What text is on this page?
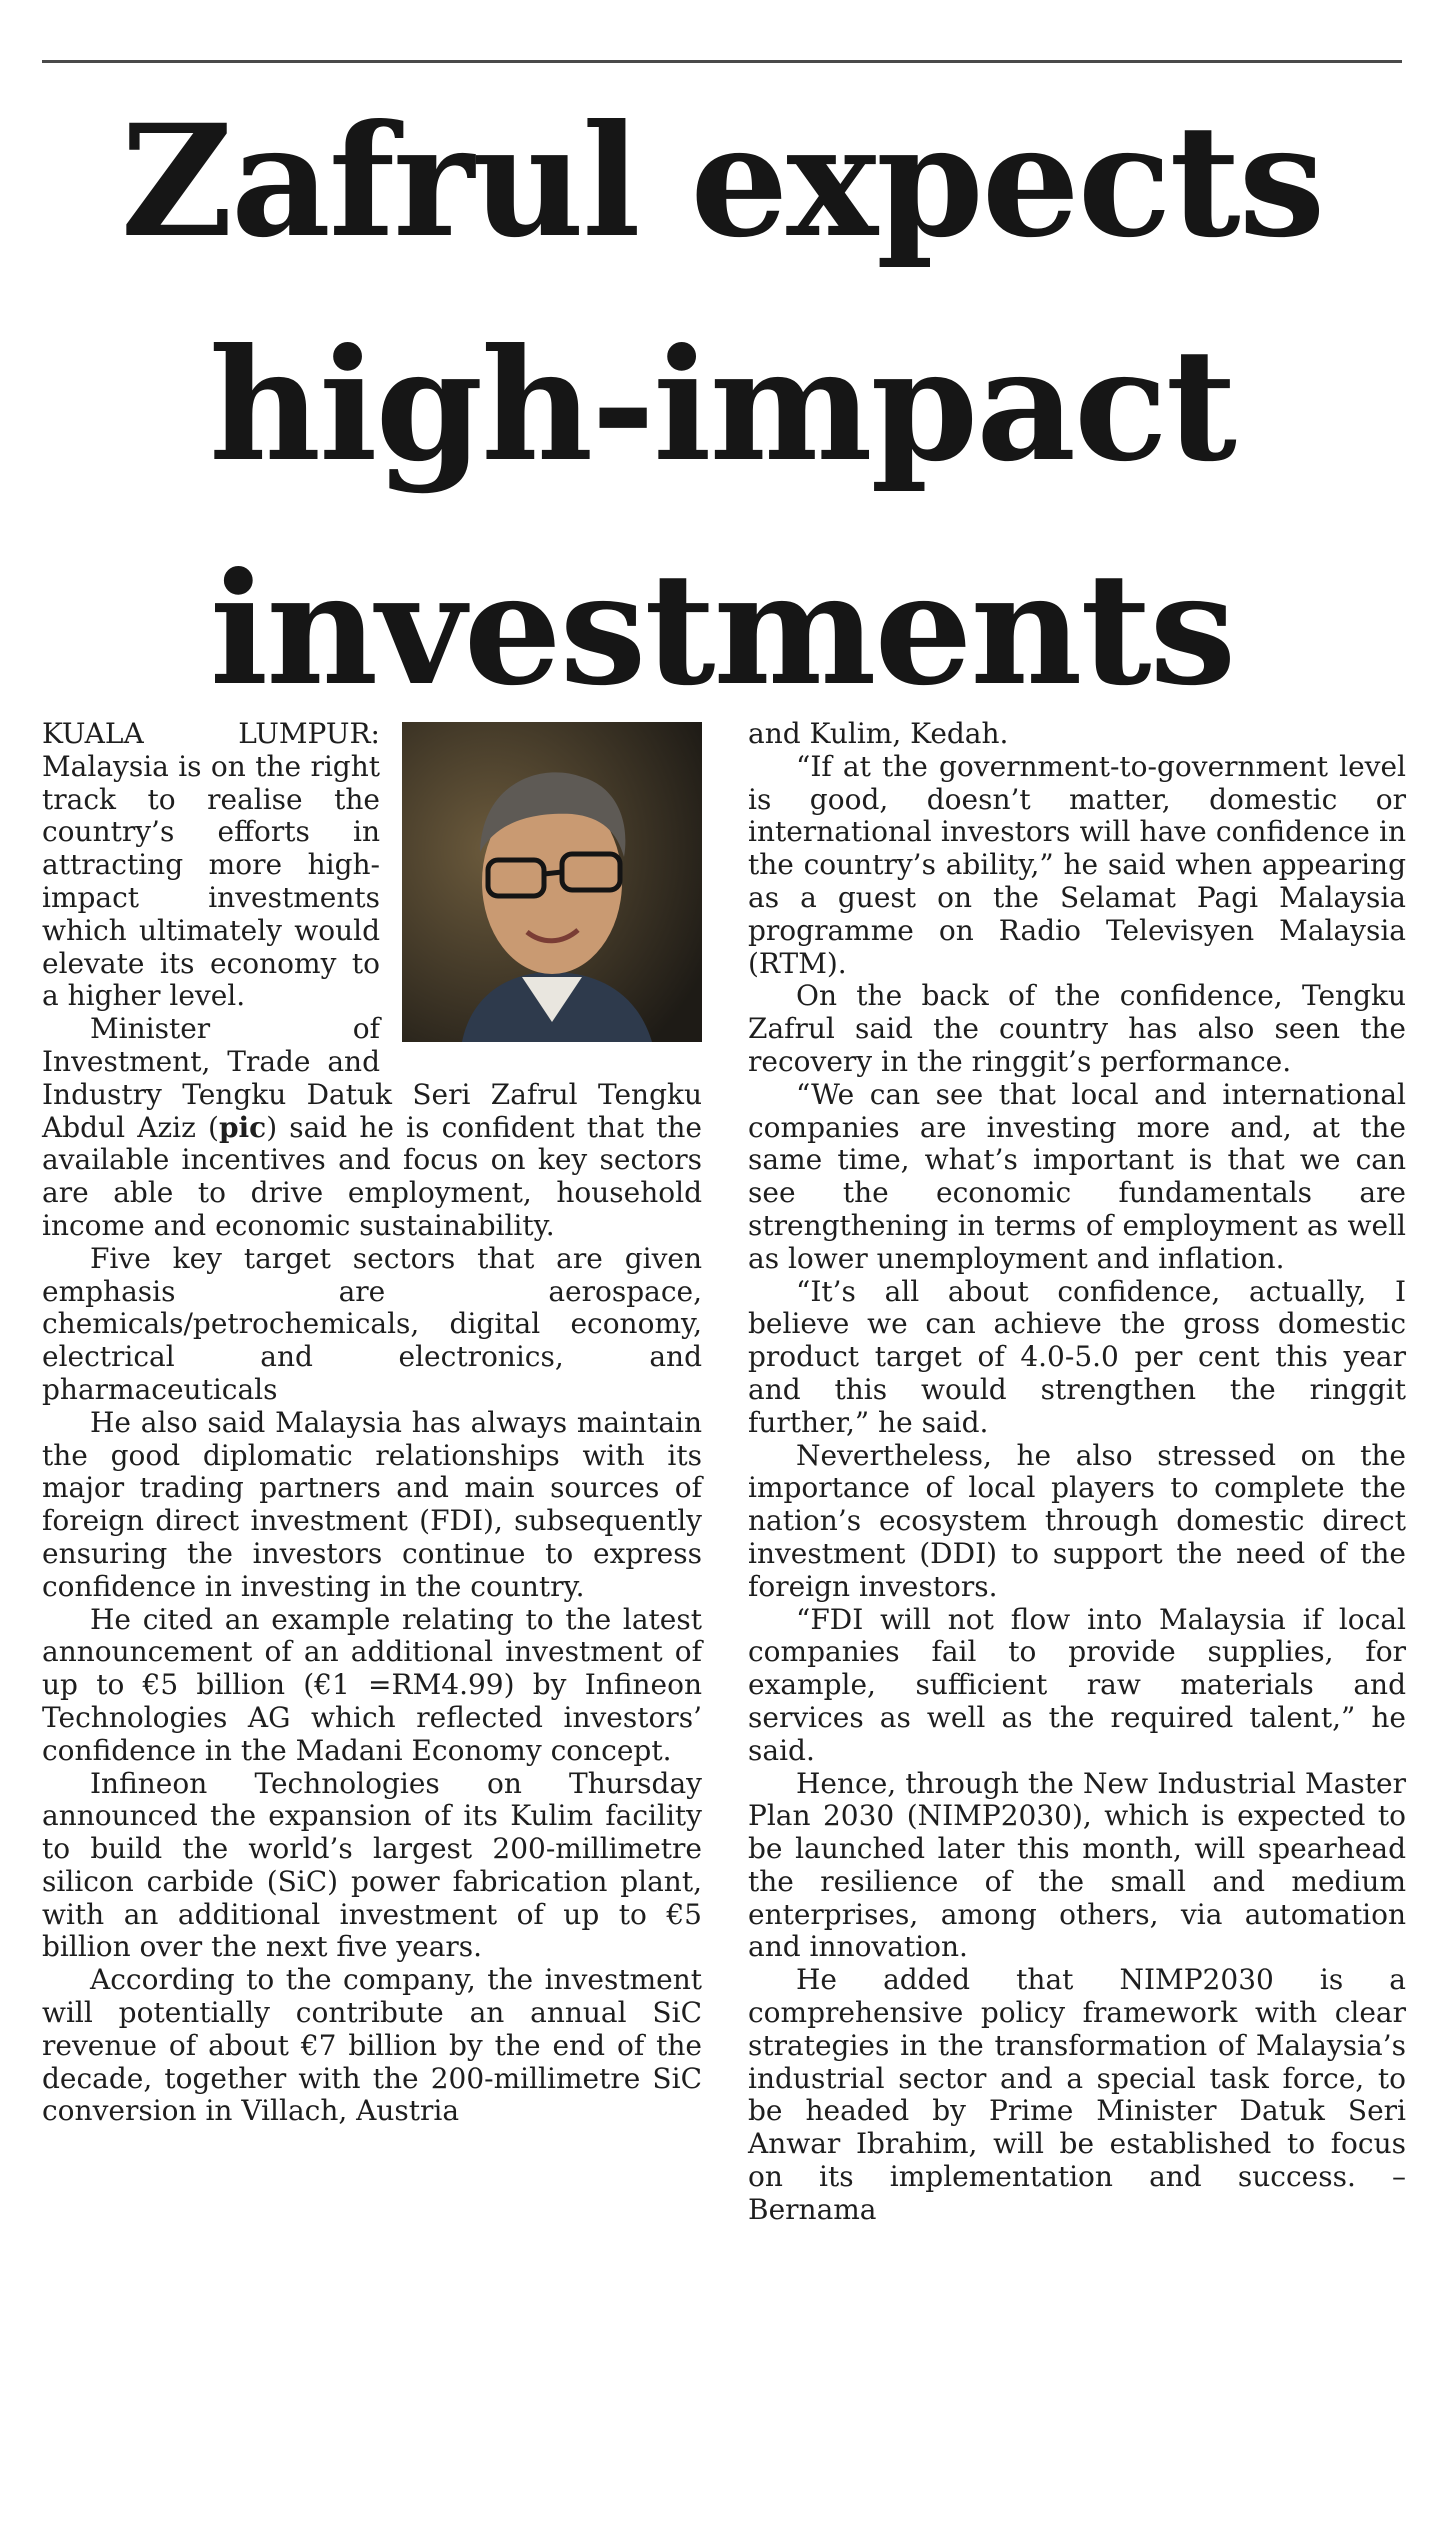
Zafrul expects
high-impact
investments

KUALA LUMPUR: Malaysia is on the right track to realise the country’s efforts in attracting more high-impact investments which ultimately would elevate its economy to a higher level.

Minister of Investment, Trade and Industry Tengku Datuk Seri Zafrul Tengku Abdul Aziz (pic) said he is confident that the available incentives and focus on key sectors are able to drive employment, household income and economic sustainability.

Five key target sectors that are given emphasis are aerospace, chemicals/petrochemicals, digital economy, electrical and electronics, and pharmaceuticals

He also said Malaysia has always maintain the good diplomatic relationships with its major trading partners and main sources of foreign direct investment (FDI), subsequently ensuring the investors continue to express confidence in investing in the country.

He cited an example relating to the latest announcement of an additional investment of up to €5 billion (€1 =RM4.99) by Infineon Technologies AG which reflected investors’ confidence in the Madani Economy concept.

Infineon Technologies on Thursday announced the expansion of its Kulim facility to build the world’s largest 200-millimetre silicon carbide (SiC) power fabrication plant, with an additional investment of up to €5 billion over the next five years.

According to the company, the investment will potentially contribute an annual SiC revenue of about €7 billion by the end of the decade, together with the 200-millimetre SiC conversion in Villach, Austria

and Kulim, Kedah.

“If at the government-to-government level is good, doesn’t matter, domestic or international investors will have confidence in the country’s ability,” he said when appearing as a guest on the Selamat Pagi Malaysia programme on Radio Televisyen Malaysia (RTM).

On the back of the confidence, Tengku Zafrul said the country has also seen the recovery in the ringgit’s performance.

“We can see that local and international companies are investing more and, at the same time, what’s important is that we can see the economic fundamentals are strengthening in terms of employment as well as lower unemployment and inflation.

“It’s all about confidence, actually, I believe we can achieve the gross domestic product target of 4.0-5.0 per cent this year and this would strengthen the ringgit further,” he said.

Nevertheless, he also stressed on the importance of local players to complete the nation’s ecosystem through domestic direct investment (DDI) to support the need of the foreign investors.

“FDI will not flow into Malaysia if local companies fail to provide supplies, for example, sufficient raw materials and services as well as the required talent,” he said.

Hence, through the New Industrial Master Plan 2030 (NIMP2030), which is expected to be launched later this month, will spearhead the resilience of the small and medium enterprises, among others, via automation and innovation.

He added that NIMP2030 is a comprehensive policy framework with clear strategies in the transformation of Malaysia’s industrial sector and a special task force, to be headed by Prime Minister Datuk Seri Anwar Ibrahim, will be established to focus on its implementation and success. – Bernama
